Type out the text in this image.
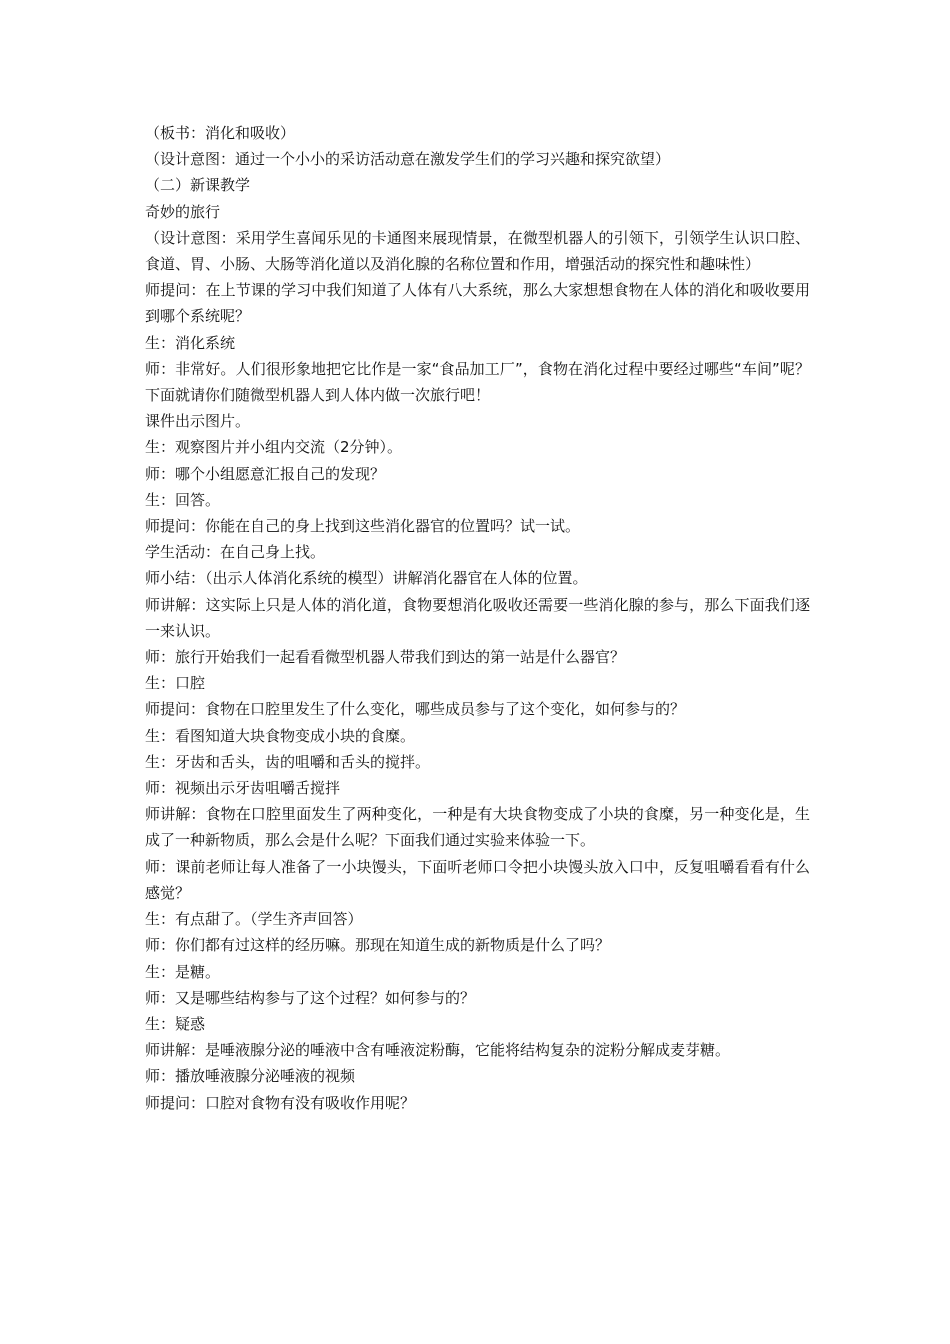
（板书：消化和吸收）

（设计意图：通过一个小小的采访活动意在激发学生们的学习兴趣和探究欲望）

（二）新课教学

奇妙的旅行

（设计意图：采用学生喜闻乐见的卡通图来展现情景，在微型机器人的引领下，引领学生认识口腔、食道、胃、小肠、大肠等消化道以及消化腺的名称位置和作用，增强活动的探究性和趣味性）

师提问：在上节课的学习中我们知道了人体有八大系统，那么大家想想食物在人体的消化和吸收要用到哪个系统呢？

生：消化系统

师：非常好。人们很形象地把它比作是一家“食品加工厂”，食物在消化过程中要经过哪些“车间”呢？下面就请你们随微型机器人到人体内做一次旅行吧！

课件出示图片。

生：观察图片并小组内交流（2分钟）。

师：哪个小组愿意汇报自己的发现？

生：回答。

师提问：你能在自己的身上找到这些消化器官的位置吗？试一试。

学生活动：在自己身上找。

师小结：（出示人体消化系统的模型）讲解消化器官在人体的位置。

师讲解：这实际上只是人体的消化道，食物要想消化吸收还需要一些消化腺的参与，那么下面我们逐一来认识。

师：旅行开始我们一起看看微型机器人带我们到达的第一站是什么器官？

生：口腔

师提问：食物在口腔里发生了什么变化，哪些成员参与了这个变化，如何参与的？

生：看图知道大块食物变成小块的食糜。

生：牙齿和舌头，齿的咀嚼和舌头的搅拌。

师：视频出示牙齿咀嚼舌搅拌

师讲解：食物在口腔里面发生了两种变化，一种是有大块食物变成了小块的食糜，另一种变化是，生成了一种新物质，那么会是什么呢？下面我们通过实验来体验一下。

师：课前老师让每人准备了一小块馒头，下面听老师口令把小块馒头放入口中，反复咀嚼看看有什么感觉？

生：有点甜了。（学生齐声回答）

师：你们都有过这样的经历嘛。那现在知道生成的新物质是什么了吗？

生：是糖。

师：又是哪些结构参与了这个过程？如何参与的？

生：疑惑

师讲解：是唾液腺分泌的唾液中含有唾液淀粉酶，它能将结构复杂的淀粉分解成麦芽糖。

师：播放唾液腺分泌唾液的视频

师提问：口腔对食物有没有吸收作用呢？
